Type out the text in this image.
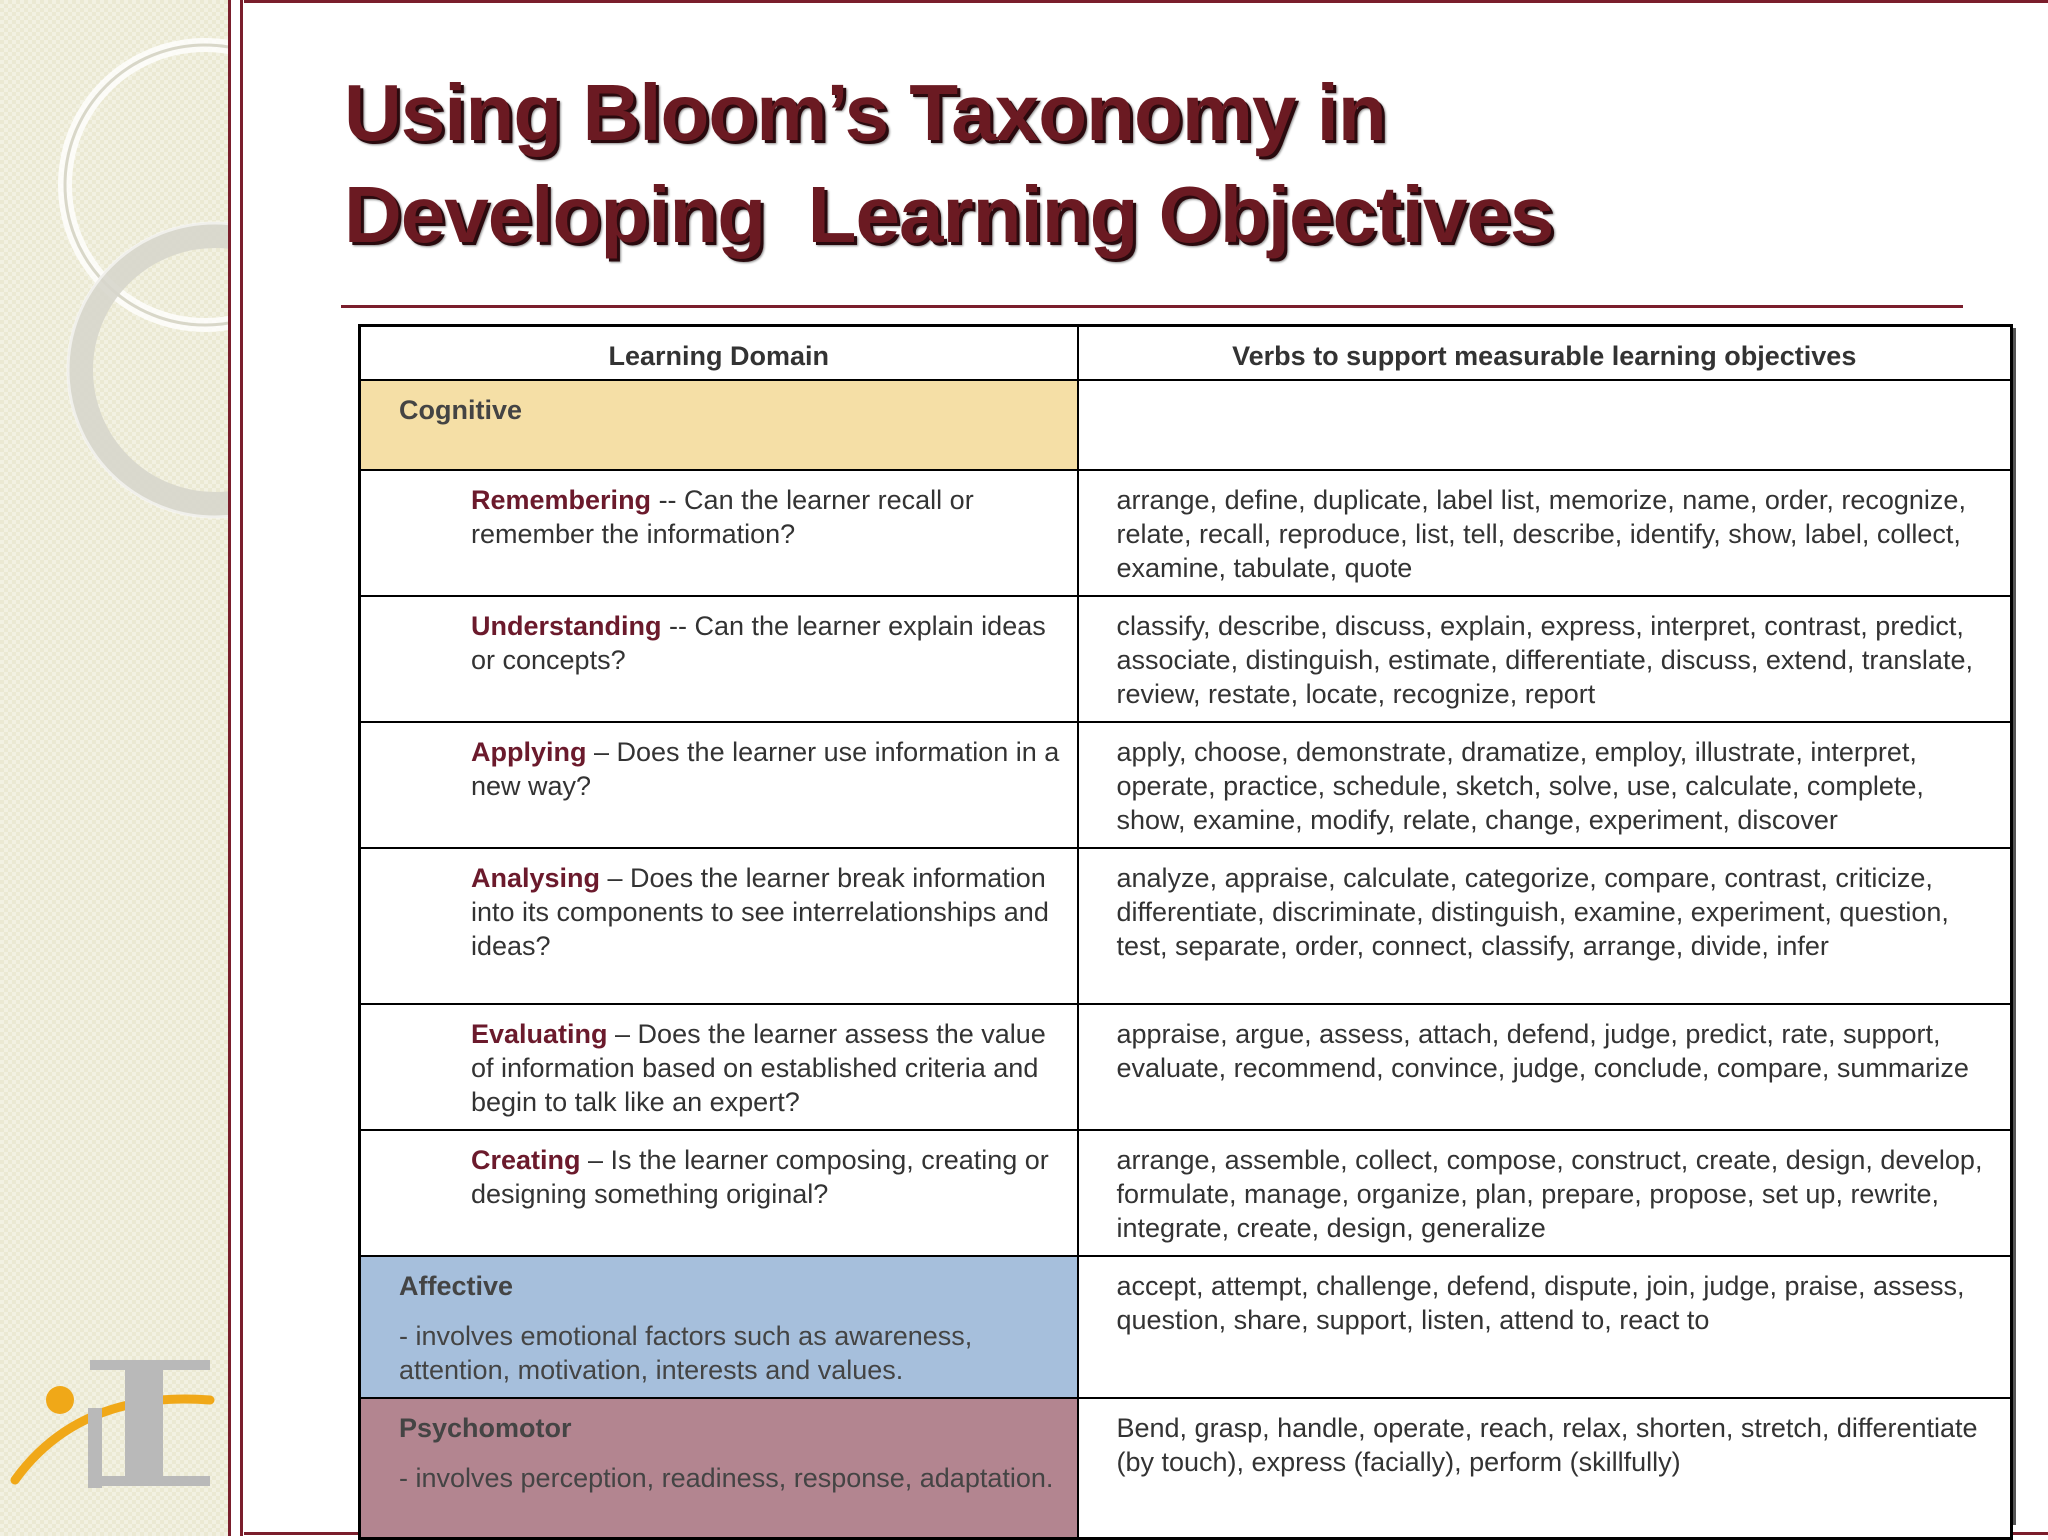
Using Bloom’s Taxonomy in
Developing  Learning Objectives
Learning Domain	Verbs to support measurable learning objectives
Cognitive	
Remembering -- Can the learner recall or remember the information?	arrange, define, duplicate, label list, memorize, name, order, recognize, relate, recall, reproduce, list, tell, describe, identify, show, label, collect, examine, tabulate, quote
Understanding -- Can the learner explain ideas or concepts?	classify, describe, discuss, explain, express, interpret, contrast, predict, associate, distinguish, estimate, differentiate, discuss, extend, translate, review, restate, locate, recognize, report
Applying – Does the learner use information in a new way?	apply, choose, demonstrate, dramatize, employ, illustrate, interpret, operate, practice, schedule, sketch, solve, use, calculate, complete, show, examine, modify, relate, change, experiment, discover
Analysing – Does the learner break information into its components to see interrelationships and ideas?	analyze, appraise, calculate, categorize, compare, contrast, criticize, differentiate, discriminate, distinguish, examine, experiment, question, test, separate, order, connect, classify, arrange, divide, infer
Evaluating – Does the learner assess the value of information based on established criteria and begin to talk like an expert?	appraise, argue, assess, attach, defend, judge, predict, rate, support, evaluate, recommend, convince, judge, conclude, compare, summarize
Creating – Is the learner composing, creating or designing something original?	arrange, assemble, collect, compose, construct, create, design, develop, formulate, manage, organize, plan, prepare, propose, set up, rewrite, integrate, create, design, generalize
Affective
- involves emotional factors such as awareness, attention, motivation, interests and values.	accept, attempt, challenge, defend, dispute, join, judge, praise, assess, question, share, support, listen, attend to, react to
Psychomotor
- involves perception, readiness, response, adaptation.	Bend, grasp, handle, operate, reach, relax, shorten, stretch, differentiate (by touch), express (facially), perform (skillfully)
